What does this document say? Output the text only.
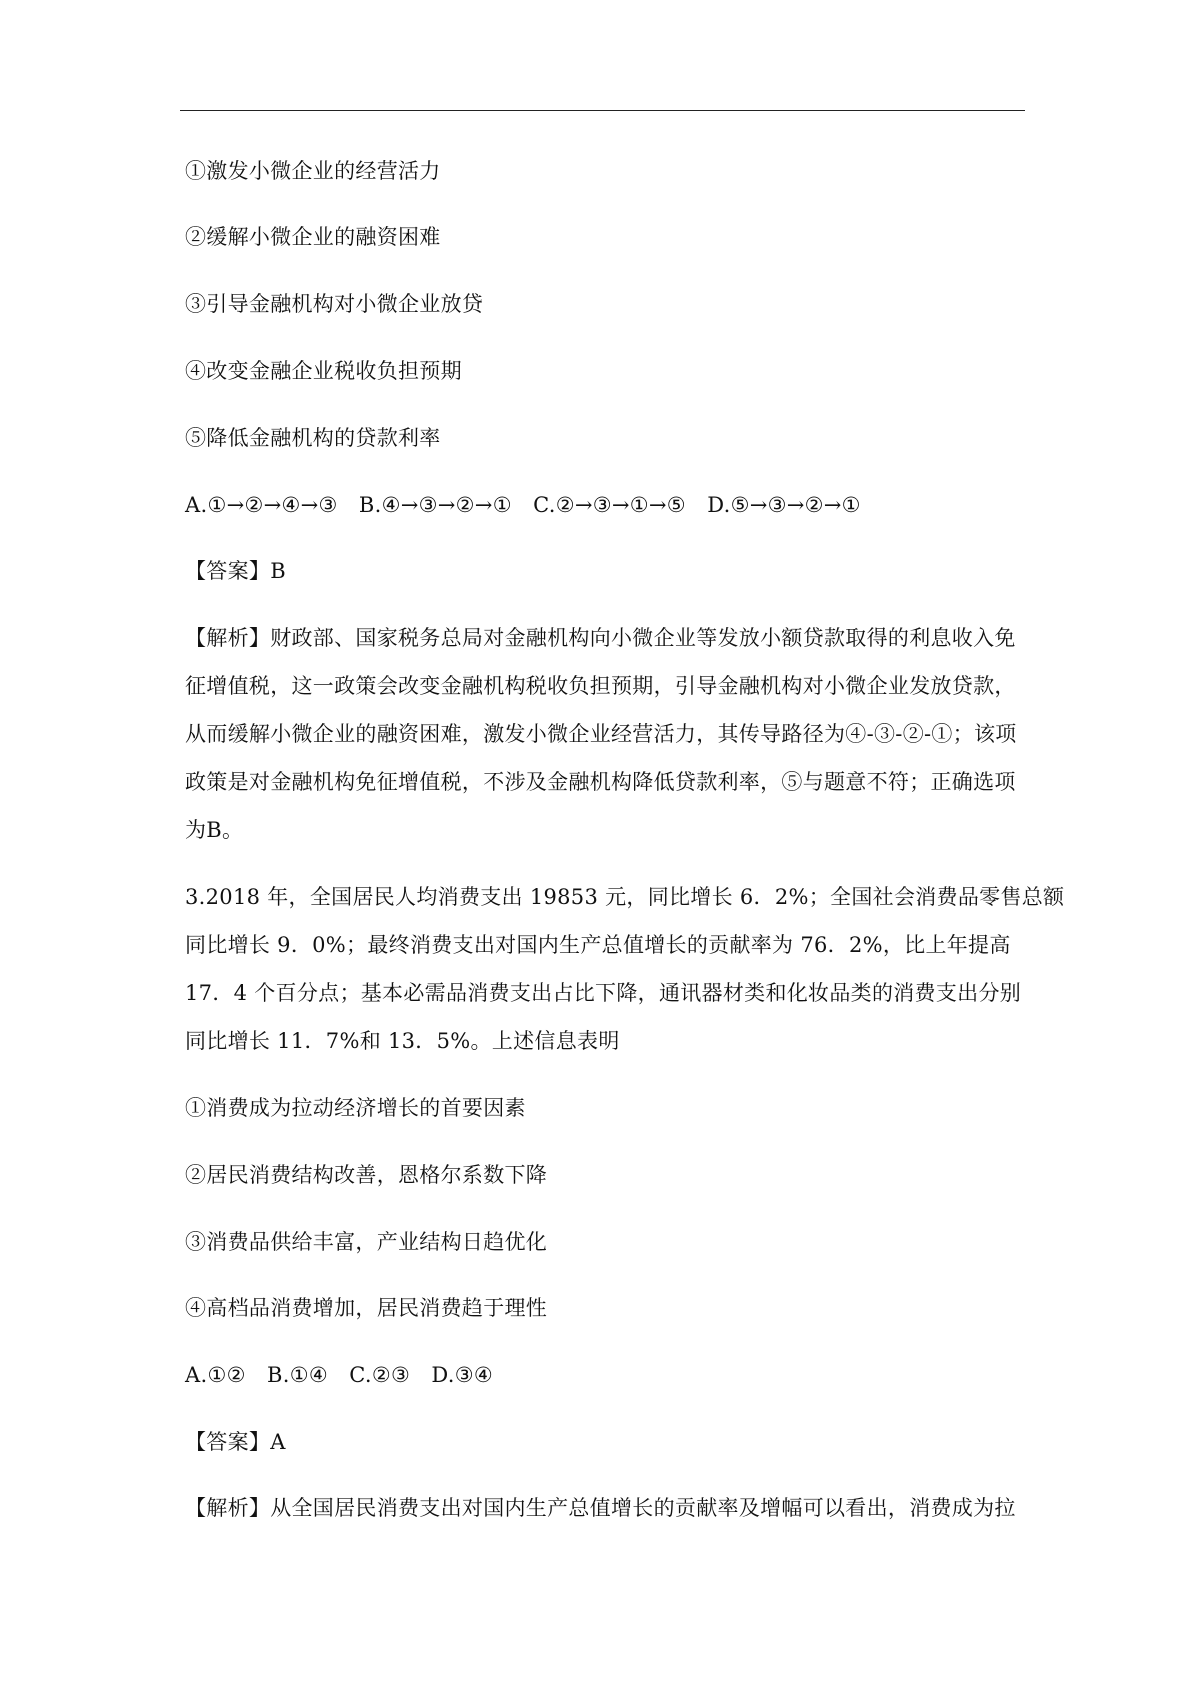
①激发小微企业的经营活力
②缓解小微企业的融资困难
③引导金融机构对小微企业放贷
④改变金融企业税收负担预期
⑤降低金融机构的贷款利率
A.①→②→④→③　B.④→③→②→①　C.②→③→①→⑤　D.⑤→③→②→①
【答案】B
【解析】财政部、国家税务总局对金融机构向小微企业等发放小额贷款取得的利息收入免
征增值税，这一政策会改变金融机构税收负担预期，引导金融机构对小微企业发放贷款，
从而缓解小微企业的融资困难，激发小微企业经营活力，其传导路径为④-③-②-①；该项
政策是对金融机构免征增值税，不涉及金融机构降低贷款利率，⑤与题意不符；正确选项
为B。
3.2018 年，全国居民人均消费支出 19853 元，同比增长 6．2%；全国社会消费品零售总额
同比增长 9．0%；最终消费支出对国内生产总值增长的贡献率为 76．2%，比上年提高
17．4 个百分点；基本必需品消费支出占比下降，通讯器材类和化妆品类的消费支出分别
同比增长 11．7%和 13．5%。上述信息表明
①消费成为拉动经济增长的首要因素
②居民消费结构改善，恩格尔系数下降
③消费品供给丰富，产业结构日趋优化
④高档品消费增加，居民消费趋于理性
A.①②　B.①④　C.②③　D.③④
【答案】A
【解析】从全国居民消费支出对国内生产总值增长的贡献率及增幅可以看出，消费成为拉
